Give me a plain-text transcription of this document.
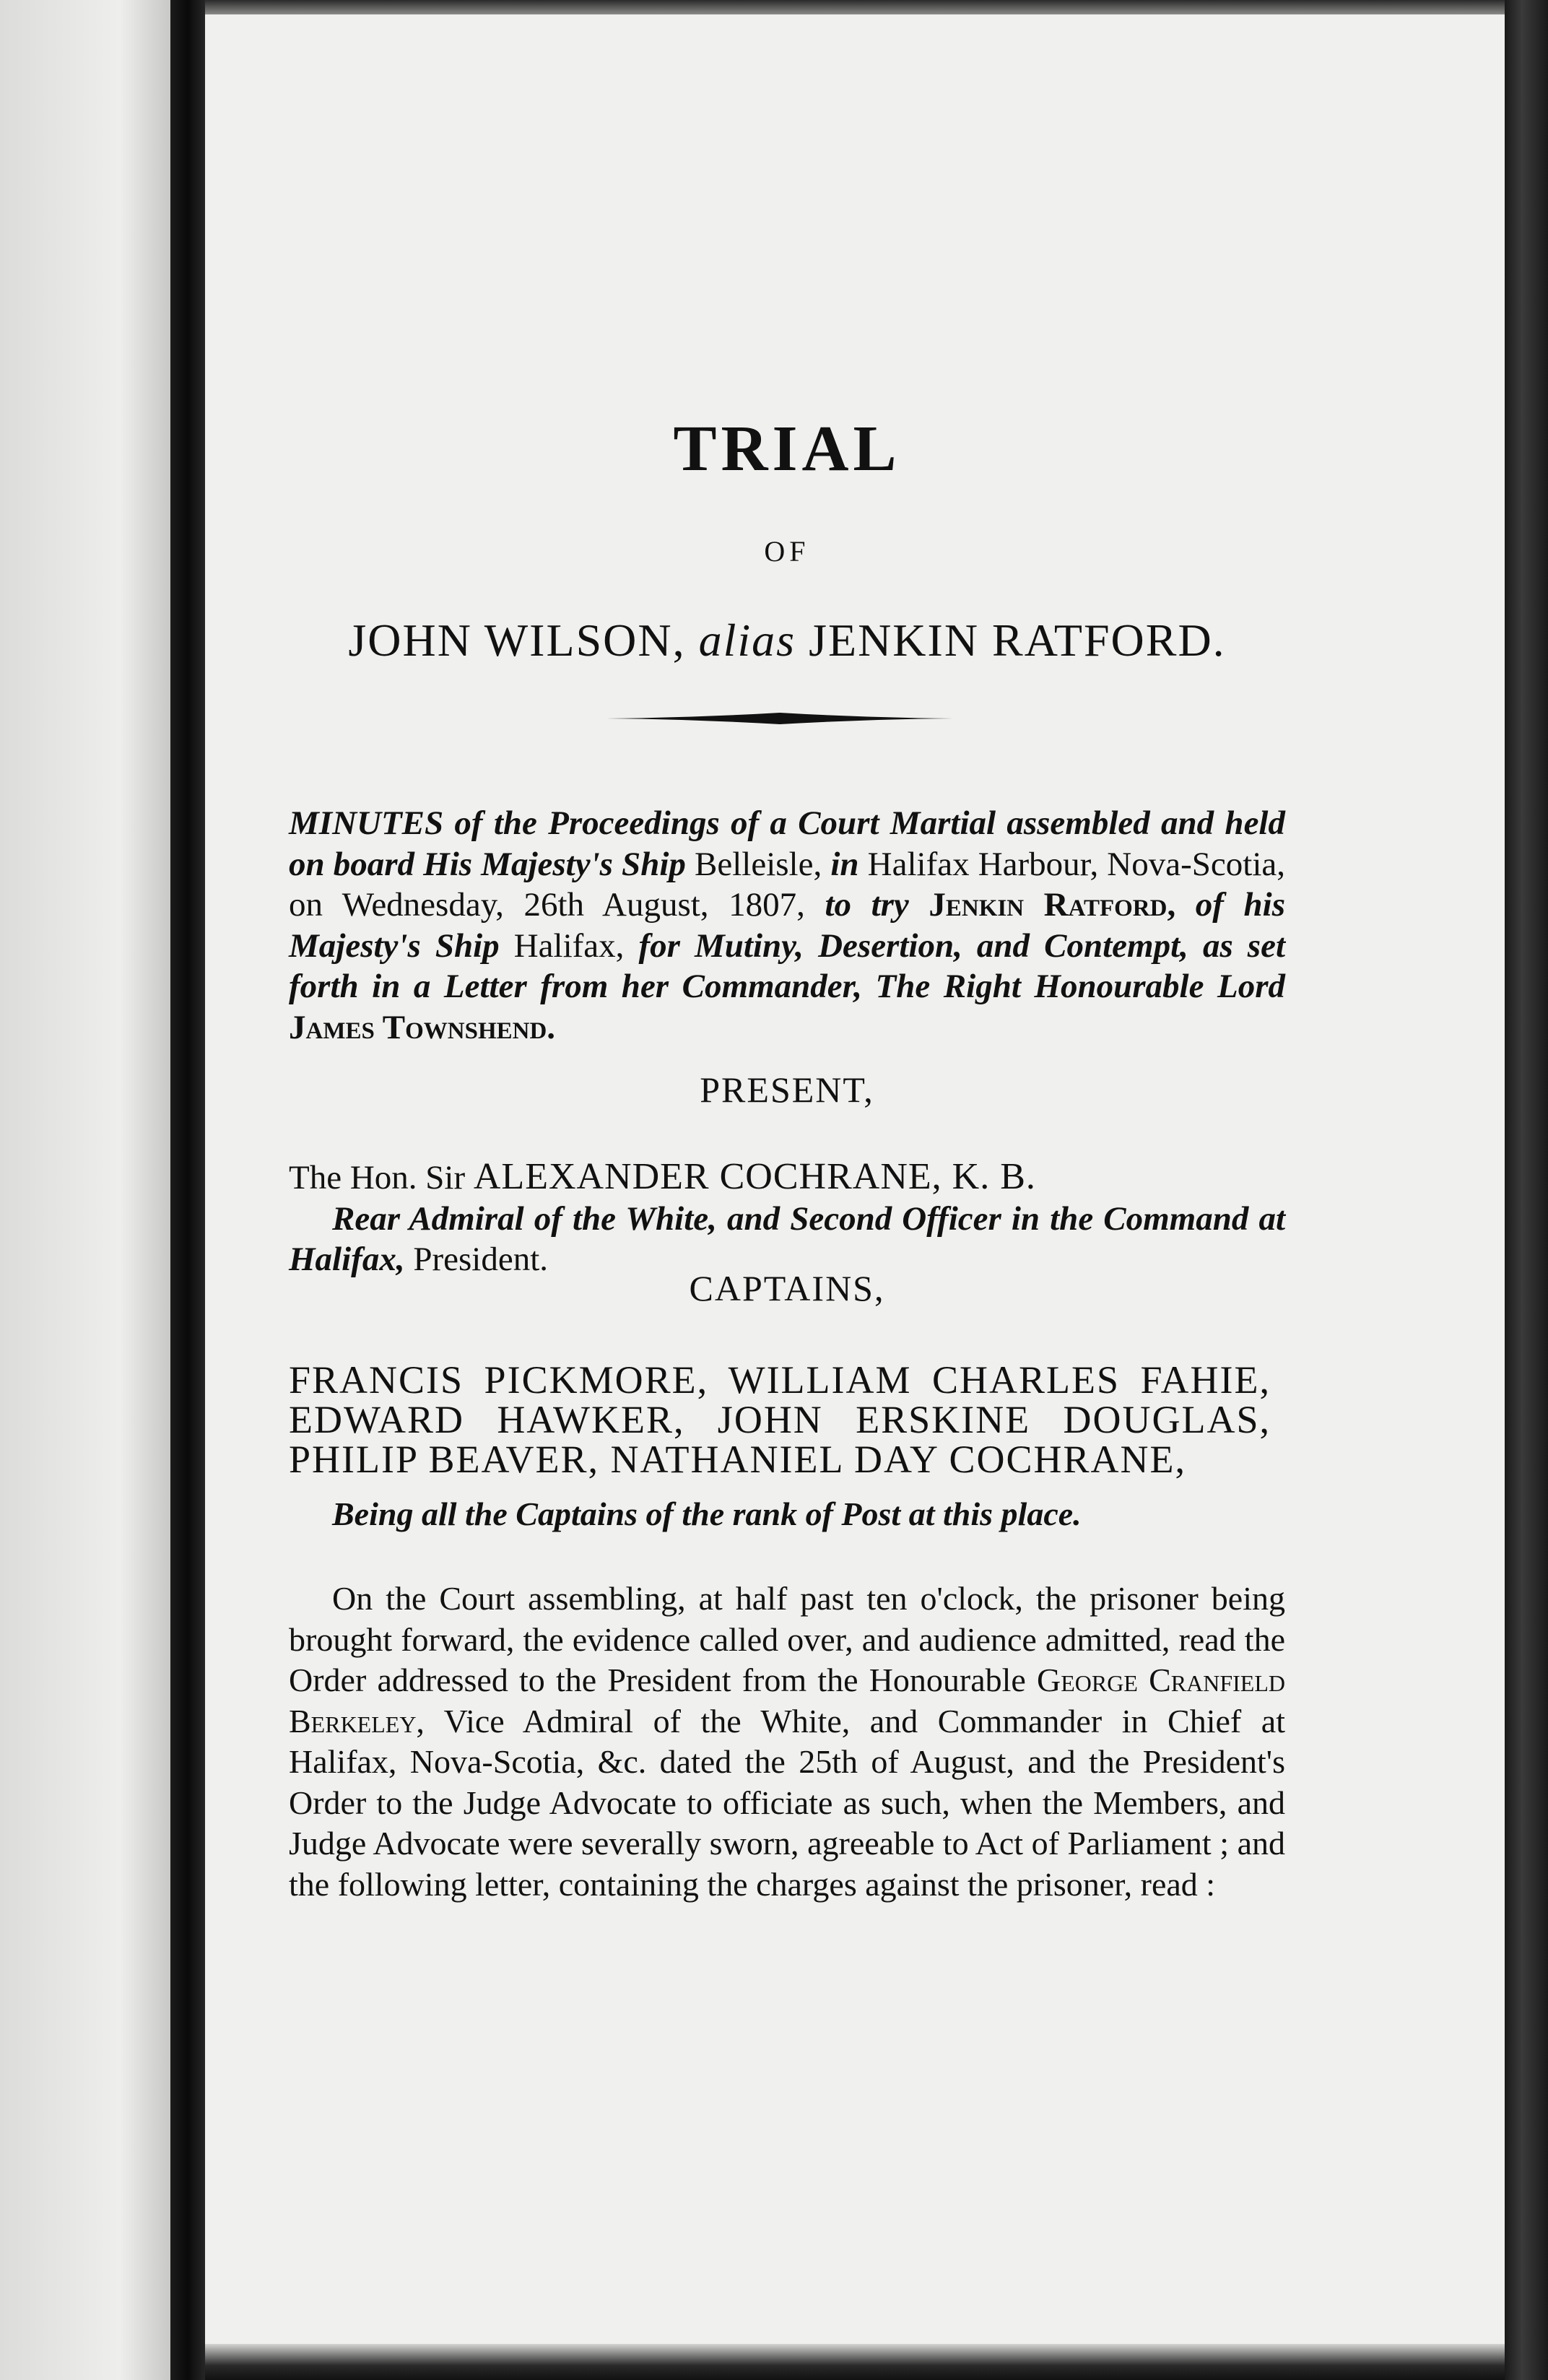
TRIAL

OF

JOHN WILSON, alias JENKIN RATFORD.

MINUTES of the Proceedings of a Court Martial assembled and held on board His Majesty's Ship Belleisle, in Halifax Harbour, Nova-Scotia, on Wednesday, 26th August, 1807, to try Jenkin Ratford, of his Majesty's Ship Halifax, for Mutiny, Desertion, and Contempt, as set forth in a Letter from her Commander, The Right Honourable Lord James Townshend.

PRESENT,

The Hon. Sir ALEXANDER COCHRANE, K. B.
Rear Admiral of the White, and Second Officer in the Command at Halifax, President.

CAPTAINS,

FRANCIS PICKMORE, WILLIAM CHARLES FAHIE, EDWARD HAWKER, JOHN ERSKINE DOUGLAS, PHILIP BEAVER, NATHANIEL DAY COCHRANE,

Being all the Captains of the rank of Post at this place.

On the Court assembling, at half past ten o'clock, the prisoner being brought forward, the evidence called over, and audience admitted, read the Order addressed to the President from the Honourable George Cranfield Berkeley, Vice Admiral of the White, and Commander in Chief at Halifax, Nova-Scotia, &c. dated the 25th of August, and the President's Order to the Judge Advocate to officiate as such, when the Members, and Judge Advocate were severally sworn, agreeable to Act of Parliament ; and the following letter, containing the charges against the prisoner, read :
